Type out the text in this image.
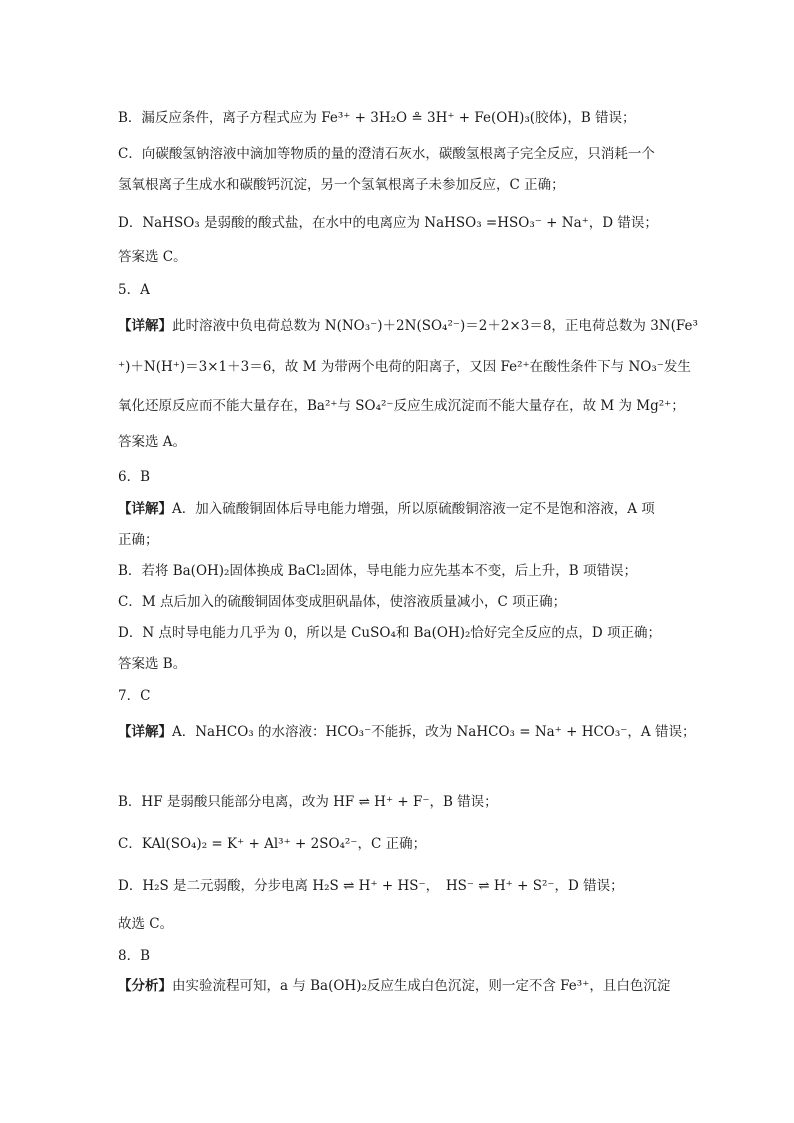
B．漏反应条件，离子方程式应为 Fe³⁺ + 3H₂O ≗ 3H⁺ + Fe(OH)₃(胶体)，B 错误；
C．向碳酸氢钠溶液中滴加等物质的量的澄清石灰水，碳酸氢根离子完全反应，只消耗一个
氢氧根离子生成水和碳酸钙沉淀，另一个氢氧根离子未参加反应，C 正确；
D．NaHSO₃ 是弱酸的酸式盐，在水中的电离应为 NaHSO₃ =HSO₃⁻ + Na⁺，D 错误；
答案选 C。
5．A
【详解】此时溶液中负电荷总数为 N(NO₃⁻)＋2N(SO₄²⁻)＝2＋2×3＝8，正电荷总数为 3N(Fe³
⁺)＋N(H⁺)＝3×1＋3＝6，故 M 为带两个电荷的阳离子，又因 Fe²⁺在酸性条件下与 NO₃⁻发生
氧化还原反应而不能大量存在，Ba²⁺与 SO₄²⁻反应生成沉淀而不能大量存在，故 M 为 Mg²⁺；
答案选 A。
6．B
【详解】A．加入硫酸铜固体后导电能力增强，所以原硫酸铜溶液一定不是饱和溶液，A 项
正确；
B．若将 Ba(OH)₂固体换成 BaCl₂固体，导电能力应先基本不变，后上升，B 项错误；
C．M 点后加入的硫酸铜固体变成胆矾晶体，使溶液质量减小，C 项正确；
D．N 点时导电能力几乎为 0，所以是 CuSO₄和 Ba(OH)₂恰好完全反应的点，D 项正确；
答案选 B。
7．C
【详解】A．NaHCO₃ 的水溶液：HCO₃⁻不能拆，改为 NaHCO₃ = Na⁺ + HCO₃⁻，A 错误；
B．HF 是弱酸只能部分电离，改为 HF ⇌ H⁺ + F⁻，B 错误；
C．KAl(SO₄)₂ = K⁺ + Al³⁺ + 2SO₄²⁻，C 正确；
D．H₂S 是二元弱酸，分步电离 H₂S ⇌ H⁺ + HS⁻，　HS⁻ ⇌ H⁺ + S²⁻，D 错误；
故选 C。
8．B
【分析】由实验流程可知，a 与 Ba(OH)₂反应生成白色沉淀，则一定不含 Fe³⁺，且白色沉淀
